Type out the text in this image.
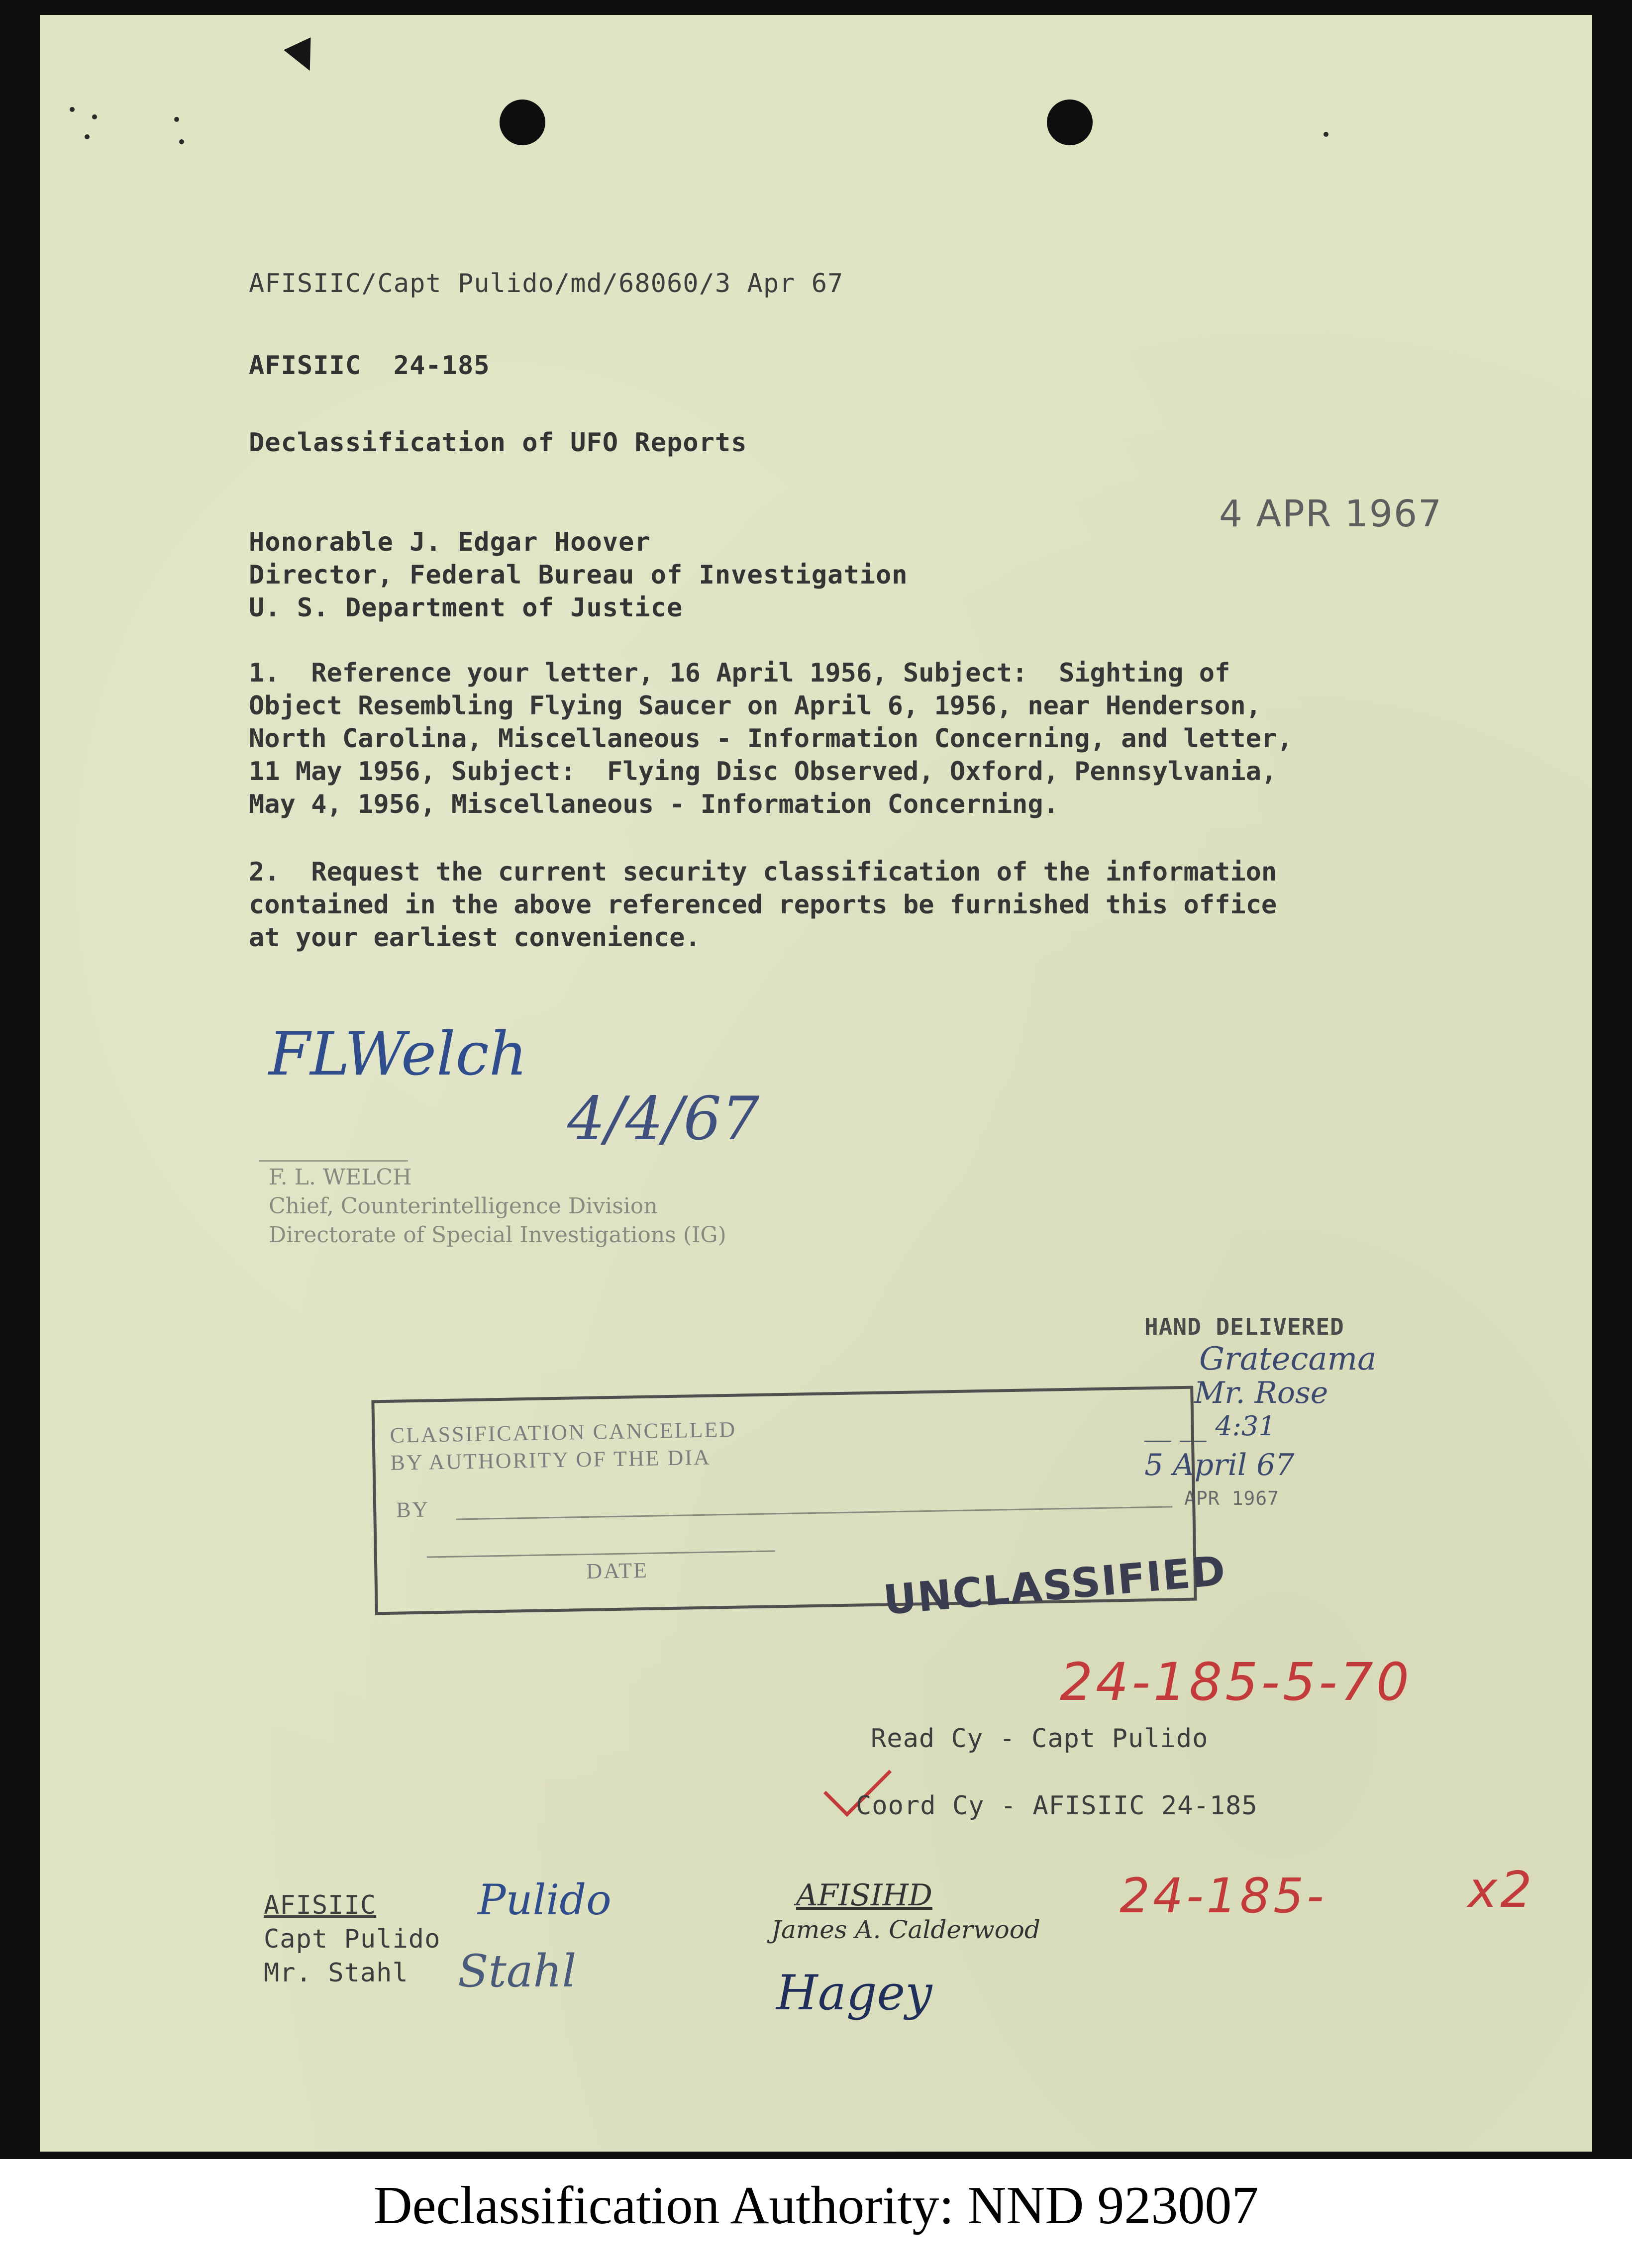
AFISIIC/Capt Pulido/md/68060/3 Apr 67

AFISIIC  24-185

Declassification of UFO Reports

4 APR 1967

Honorable J. Edgar Hoover

Director, Federal Bureau of Investigation

U. S. Department of Justice

1.  Reference your letter, 16 April 1956, Subject:  Sighting of
Object Resembling Flying Saucer on April 6, 1956, near Henderson,
North Carolina, Miscellaneous - Information Concerning, and letter,
11 May 1956, Subject:  Flying Disc Observed, Oxford, Pennsylvania,
May 4, 1956, Miscellaneous - Information Concerning.

2.  Request the current security classification of the information
contained in the above referenced reports be furnished this office
at your earliest convenience.

FLWelch
4/4/67
F. L. WELCH
Chief, Counterintelligence Division
Directorate of Special Investigations (IG)
HAND DELIVERED
Gratecama
Mr. Rose
__ __ 4:31
5 April 67
APR 1967
CLASSIFICATION CANCELLED
BY AUTHORITY OF THE DIA
BY
DATE	UNCLASSIFIED
24-185-5-70

Read Cy - Capt Pulido

Coord Cy - AFISIIC 24-185

24-185-	x2

AFISIIC

Capt Pulido

Mr. Stahl

Pulido
Stahl
AFISIHD
James A. Calderwood
Hagey
Declassification Authority: NND 923007
